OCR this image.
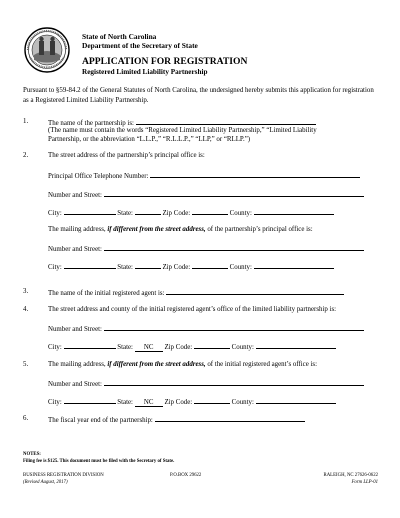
State of North Carolina
Department of the Secretary of State
APPLICATION FOR REGISTRATION
Registered Limited Liability Partnership
Pursuant to §59-84.2 of the General Statutes of North Carolina, the undersigned hereby submits this application for registration as a Registered Limited Liability Partnership.
1.	The name of the partnership is:
(The name must contain the words “Registered Limited Liability Partnership,” “Limited Liability
Partnership, or the abbreviation “L.L.P.,” “R.L.L.P.,” “LLP,” or “RLLP.”)
2.	The street address of the partnership’s principal office is:
Principal Office Telephone Number:
Number and Street:
City:	State:	Zip Code:	County:
The mailing address, if different from the street address, of the partnership’s principal office is:
Number and Street:
City:	State:	Zip Code:	County:
3.	The name of the initial registered agent is:
4.	The street address and county of the initial registered agent’s office of the limited liability partnership is:
Number and Street:
City:	State: NC Zip Code:	County:
5.	The mailing address, if different from the street address, of the initial registered agent’s office is:
Number and Street:
City:	State: NC Zip Code:	County:
6.	The fiscal year end of the partnership:
NOTES:
Filing fee is $125. This document must be filed with the Secretary of State.
BUSINESS REGISTRATION DIVISION
(Revised August, 2017)
P.O.BOX 29622	RALEIGH, NC 27626-0622
Form LLP-01
